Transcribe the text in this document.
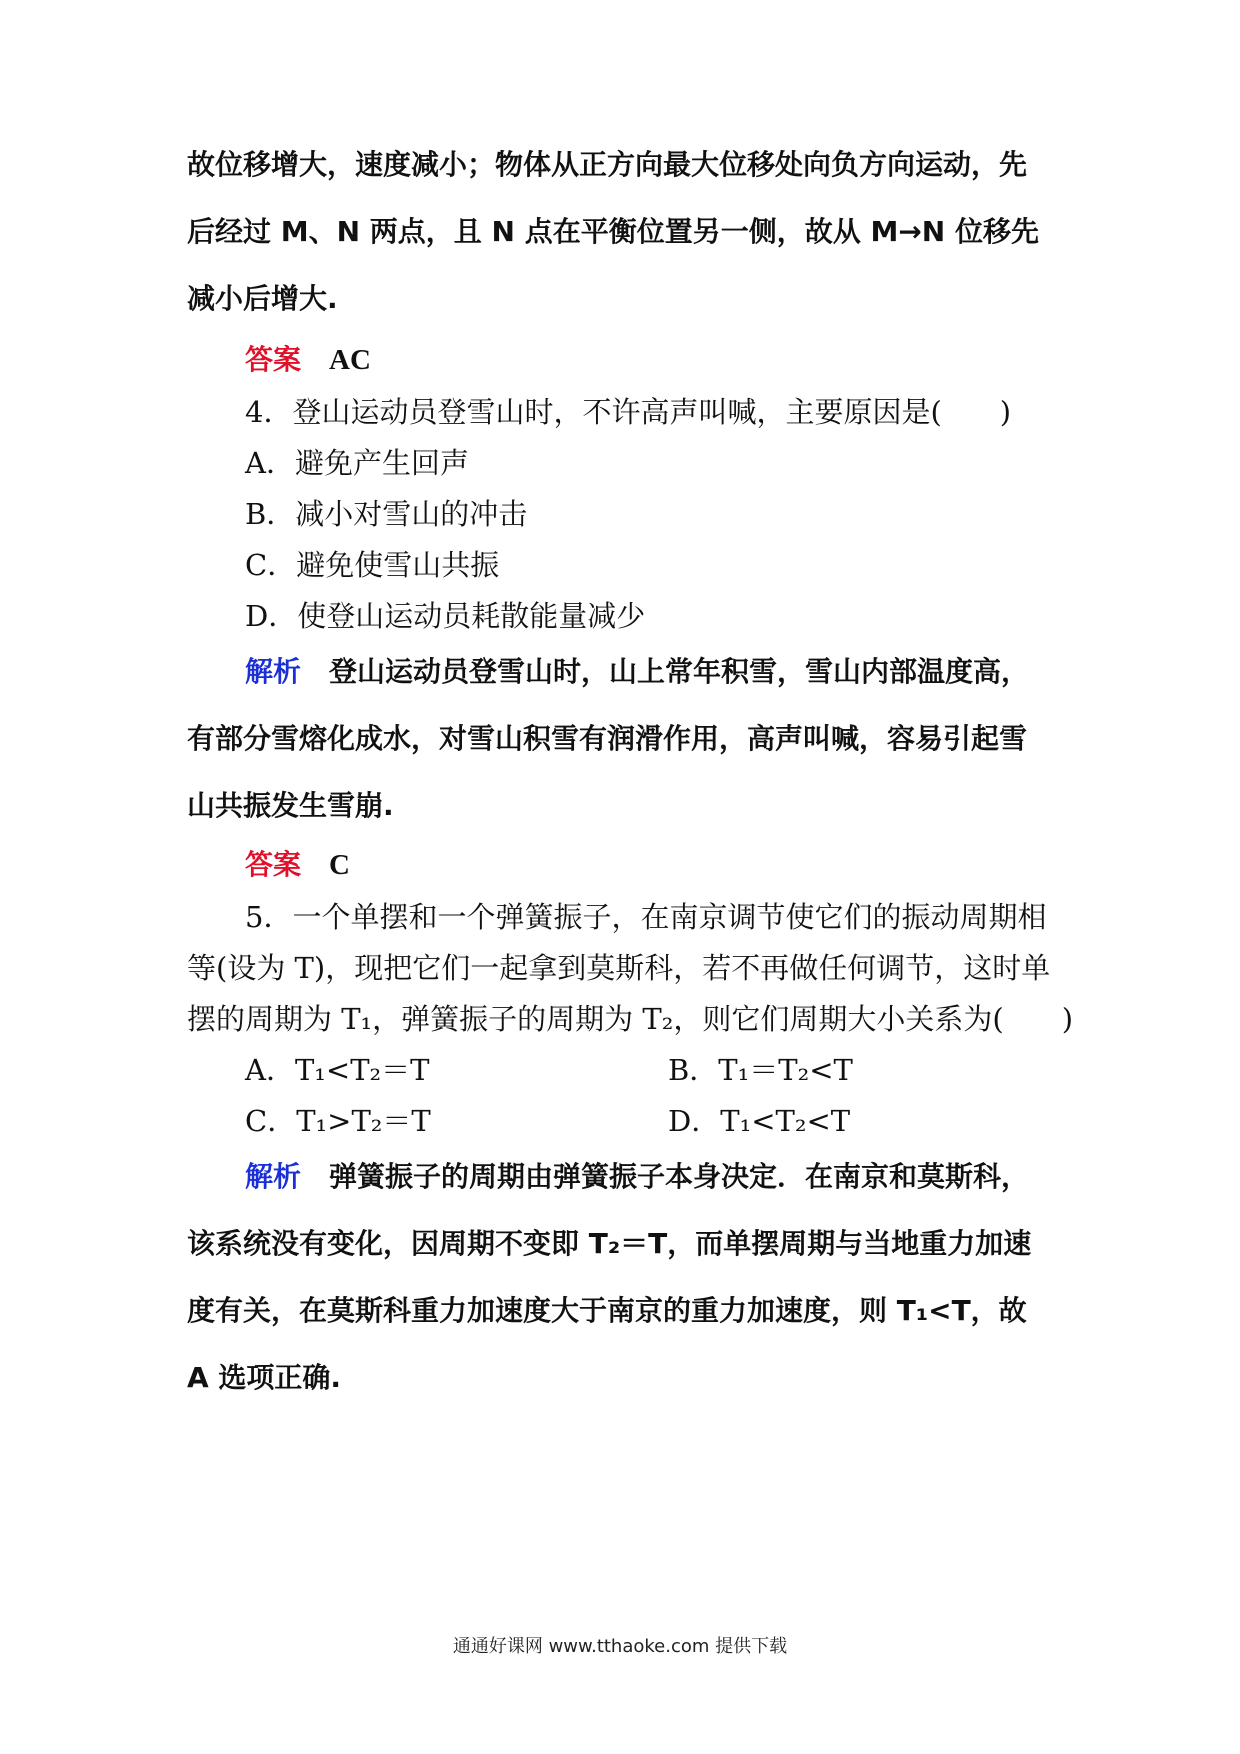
故位移增大，速度减小；物体从正方向最大位移处向负方向运动，先
后经过 M、N 两点，且 N 点在平衡位置另一侧，故从 M→N 位移先
减小后增大.
答案 AC
4．登山运动员登雪山时，不许高声叫喊，主要原因是(　　)
A．避免产生回声
B．减小对雪山的冲击
C．避免使雪山共振
D．使登山运动员耗散能量减少
解析 登山运动员登雪山时，山上常年积雪，雪山内部温度高，
有部分雪熔化成水，对雪山积雪有润滑作用，高声叫喊，容易引起雪
山共振发生雪崩.
答案 C
5．一个单摆和一个弹簧振子，在南京调节使它们的振动周期相
等(设为 T)，现把它们一起拿到莫斯科，若不再做任何调节，这时单
摆的周期为 T₁，弹簧振子的周期为 T₂，则它们周期大小关系为(　　)
A．T₁<T₂＝T	B．T₁＝T₂<T
C．T₁>T₂＝T	D．T₁<T₂<T
解析 弹簧振子的周期由弹簧振子本身决定．在南京和莫斯科，
该系统没有变化，因周期不变即 T₂＝T，而单摆周期与当地重力加速
度有关，在莫斯科重力加速度大于南京的重力加速度，则 T₁<T，故
A 选项正确.
通通好课网 www.tthaoke.com 提供下载
